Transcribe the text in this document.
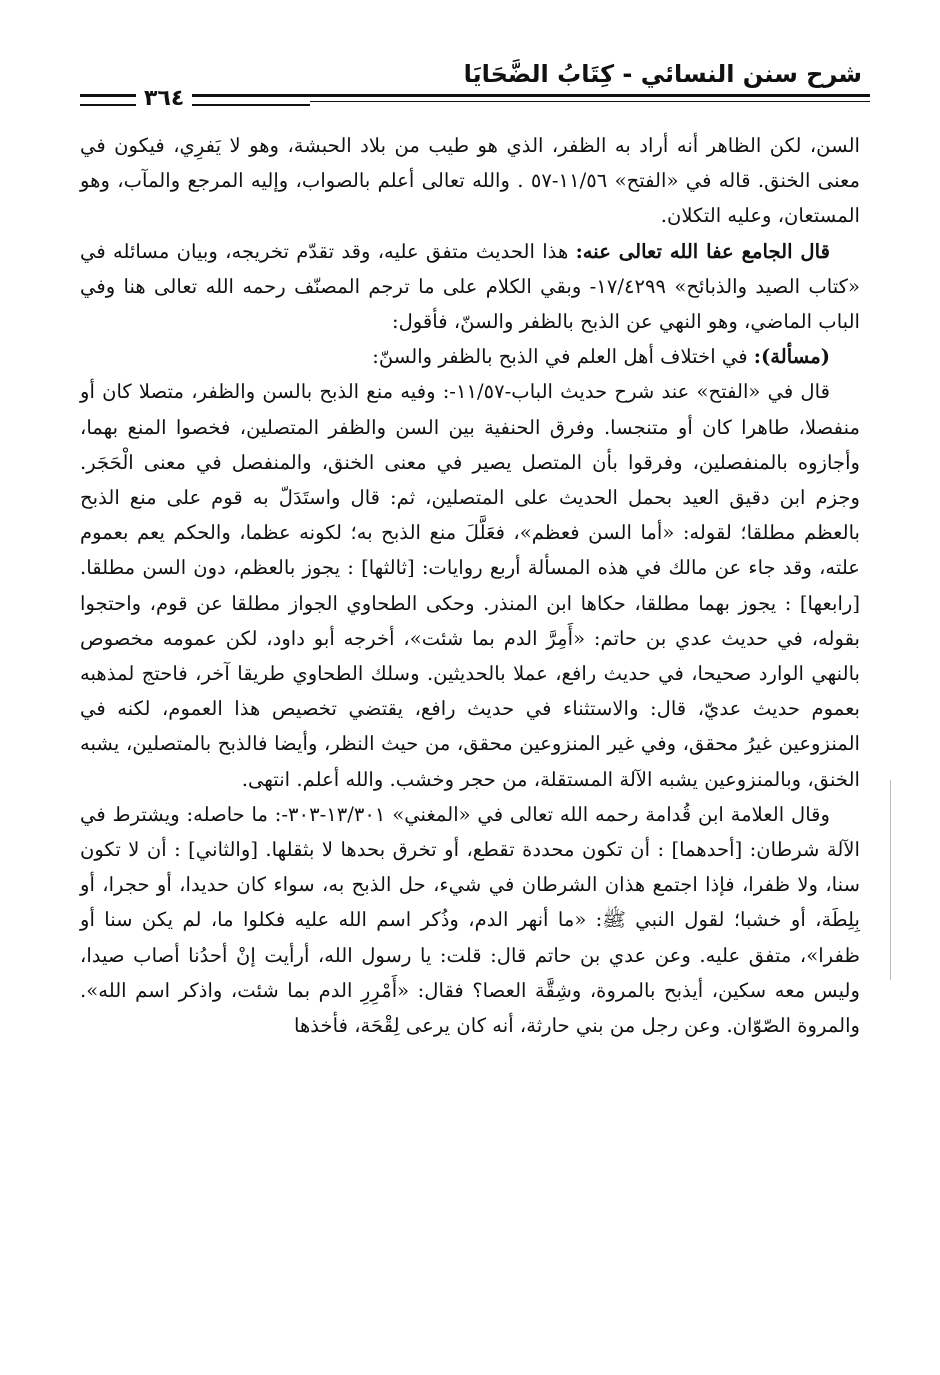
شرح سنن النسائي - كِتَابُ الضَّحَايَا
٣٦٤

السن، لكن الظاهر أنه أراد به الظفر، الذي هو طيب من بلاد الحبشة، وهو لا يَفرِي، فيكون في معنى الخنق. قاله في «الفتح» ١١/٥٦-٥٧ . والله تعالى أعلم بالصواب، وإليه المرجع والمآب، وهو المستعان، وعليه التكلان.

قال الجامع عفا الله تعالى عنه: هذا الحديث متفق عليه، وقد تقدّم تخريجه، وبيان مسائله في «كتاب الصيد والذبائح» ١٧/٤٢٩٩- وبقي الكلام على ما ترجم المصنّف رحمه الله تعالى هنا وفي الباب الماضي، وهو النهي عن الذبح بالظفر والسنّ، فأقول:

(مسألة): في اختلاف أهل العلم في الذبح بالظفر والسنّ:

قال في «الفتح» عند شرح حديث الباب-١١/٥٧-: وفيه منع الذبح بالسن والظفر، متصلا كان أو منفصلا، طاهرا كان أو متنجسا. وفرق الحنفية بين السن والظفر المتصلين، فخصوا المنع بهما، وأجازوه بالمنفصلين، وفرقوا بأن المتصل يصير في معنى الخنق، والمنفصل في معنى الْحَجَر. وجزم ابن دقيق العيد بحمل الحديث على المتصلين، ثم: قال واستَدَلّ به قوم على منع الذبح بالعظم مطلقا؛ لقوله: «أما السن فعظم»، فعَلَّلَ منع الذبح به؛ لكونه عظما، والحكم يعم بعموم علته، وقد جاء عن مالك في هذه المسألة أربع روايات: [ثالثها] : يجوز بالعظم، دون السن مطلقا. [رابعها] : يجوز بهما مطلقا، حكاها ابن المنذر. وحكى الطحاوي الجواز مطلقا عن قوم، واحتجوا بقوله، في حديث عدي بن حاتم: «أَمِرَّ الدم بما شئت»، أخرجه أبو داود، لكن عمومه مخصوص بالنهي الوارد صحيحا، في حديث رافع، عملا بالحديثين. وسلك الطحاوي طريقا آخر، فاحتج لمذهبه بعموم حديث عديّ، قال: والاستثناء في حديث رافع، يقتضي تخصيص هذا العموم، لكنه في المنزوعين غيرُ محقق، وفي غير المنزوعين محقق، من حيث النظر، وأيضا فالذبح بالمتصلين، يشبه الخنق، وبالمنزوعين يشبه الآلة المستقلة، من حجر وخشب. والله أعلم. انتهى.

وقال العلامة ابن قُدامة رحمه الله تعالى في «المغني» ١٣/٣٠١-٣٠٣-: ما حاصله: ويشترط في الآلة شرطان: [أحدهما] : أن تكون محددة تقطع، أو تخرق بحدها لا بثقلها. [والثاني] : أن لا تكون سنا، ولا ظفرا، فإذا اجتمع هذان الشرطان في شيء، حل الذبح به، سواء كان حديدا، أو حجرا، أو بِلِطَة، أو خشبا؛ لقول النبي ﷺ: «ما أنهر الدم، وذُكر اسم الله عليه فكلوا ما، لم يكن سنا أو ظفرا»، متفق عليه. وعن عدي بن حاتم قال: قلت: يا رسول الله، أرأيت إنْ أحدُنا أصاب صيدا، وليس معه سكين، أيذبح بالمروة، وشِقَّة العصا؟ فقال: «أَمْرِرِ الدم بما شئت، واذكر اسم الله». والمروة الصّوّان. وعن رجل من بني حارثة، أنه كان يرعى لِقْحَة، فأخذها
